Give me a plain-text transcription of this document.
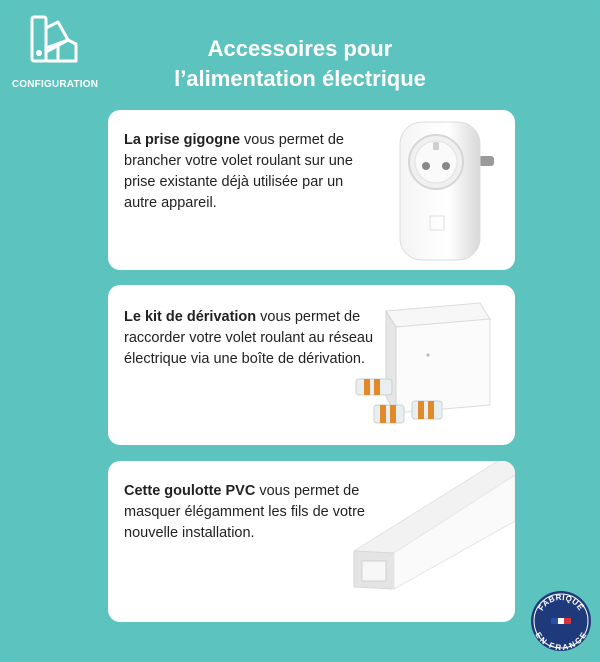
CONFIGURATION
Accessoires pour
l’alimentation électrique
La prise gigogne vous permet de brancher votre volet roulant sur une prise existante déjà utilisée par un autre appareil.
Le kit de dérivation vous permet de raccorder votre volet roulant au réseau électrique via une boîte de dérivation.
Cette goulotte PVC vous permet de masquer élégamment les fils de votre nouvelle installation.
FABRIQUÉ
EN FRANCE
